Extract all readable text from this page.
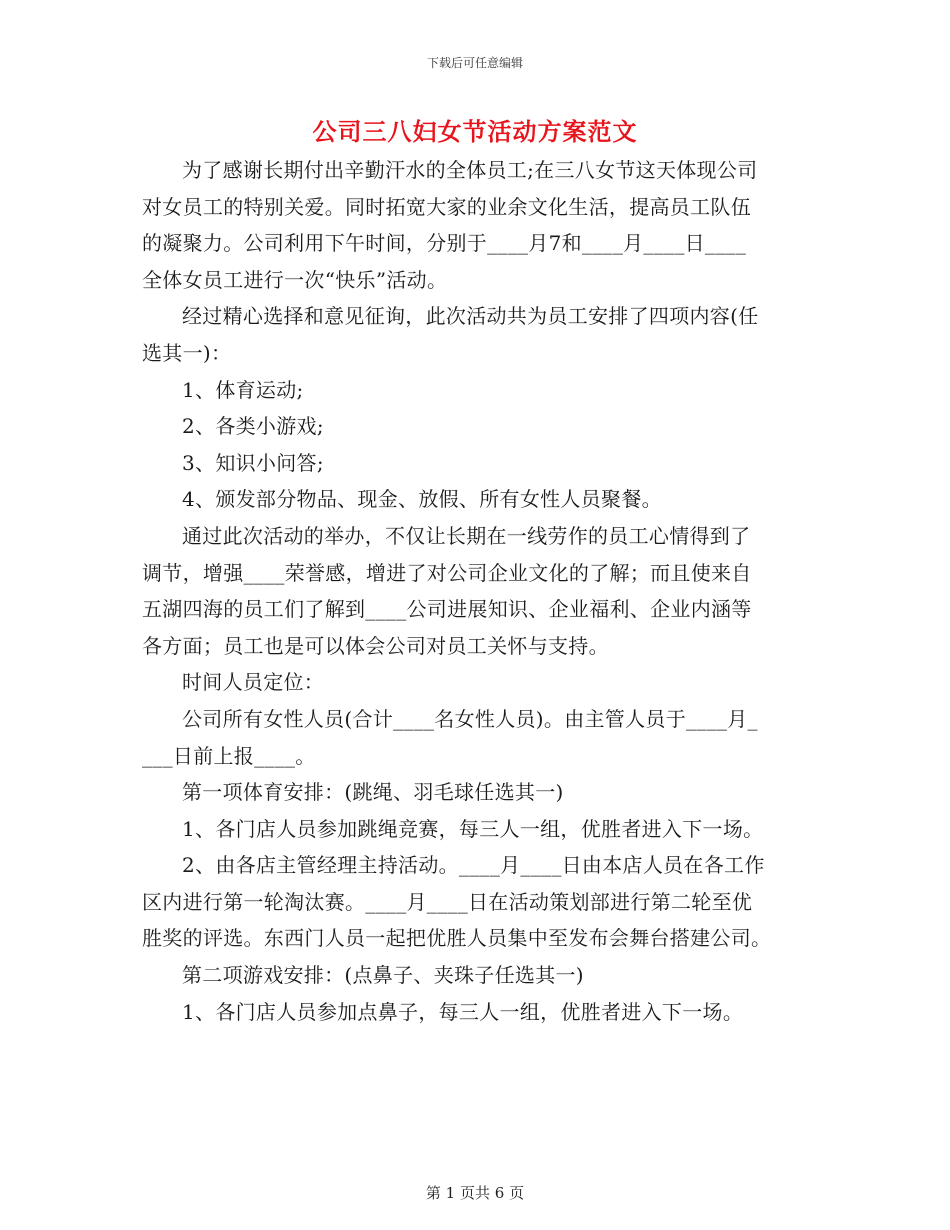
下载后可任意编辑
公司三八妇女节活动方案范文
为了感谢长期付出辛勤汗水的全体员工;在三八女节这天体现公司
对女员工的特别关爱。同时拓宽大家的业余文化生活，提高员工队伍
的凝聚力。公司利用下午时间，分别于____月7和____月____日____
全体女员工进行一次“快乐”活动。
经过精心选择和意见征询，此次活动共为员工安排了四项内容(任
选其一)：
1、体育运动;
2、各类小游戏;
3、知识小问答;
4、颁发部分物品、现金、放假、所有女性人员聚餐。
通过此次活动的举办，不仅让长期在一线劳作的员工心情得到了
调节，增强____荣誉感，增进了对公司企业文化的了解；而且使来自
五湖四海的员工们了解到____公司进展知识、企业福利、企业内涵等
各方面；员工也是可以体会公司对员工关怀与支持。
时间人员定位：
公司所有女性人员(合计____名女性人员)。由主管人员于____月_
___日前上报____。
第一项体育安排：(跳绳、羽毛球任选其一)
1、各门店人员参加跳绳竞赛，每三人一组，优胜者进入下一场。
2、由各店主管经理主持活动。____月____日由本店人员在各工作
区内进行第一轮淘汰赛。____月____日在活动策划部进行第二轮至优
胜奖的评选。东西门人员一起把优胜人员集中至发布会舞台搭建公司。
第二项游戏安排：(点鼻子、夹珠子任选其一)
1、各门店人员参加点鼻子，每三人一组，优胜者进入下一场。
第 1 页共 6 页
